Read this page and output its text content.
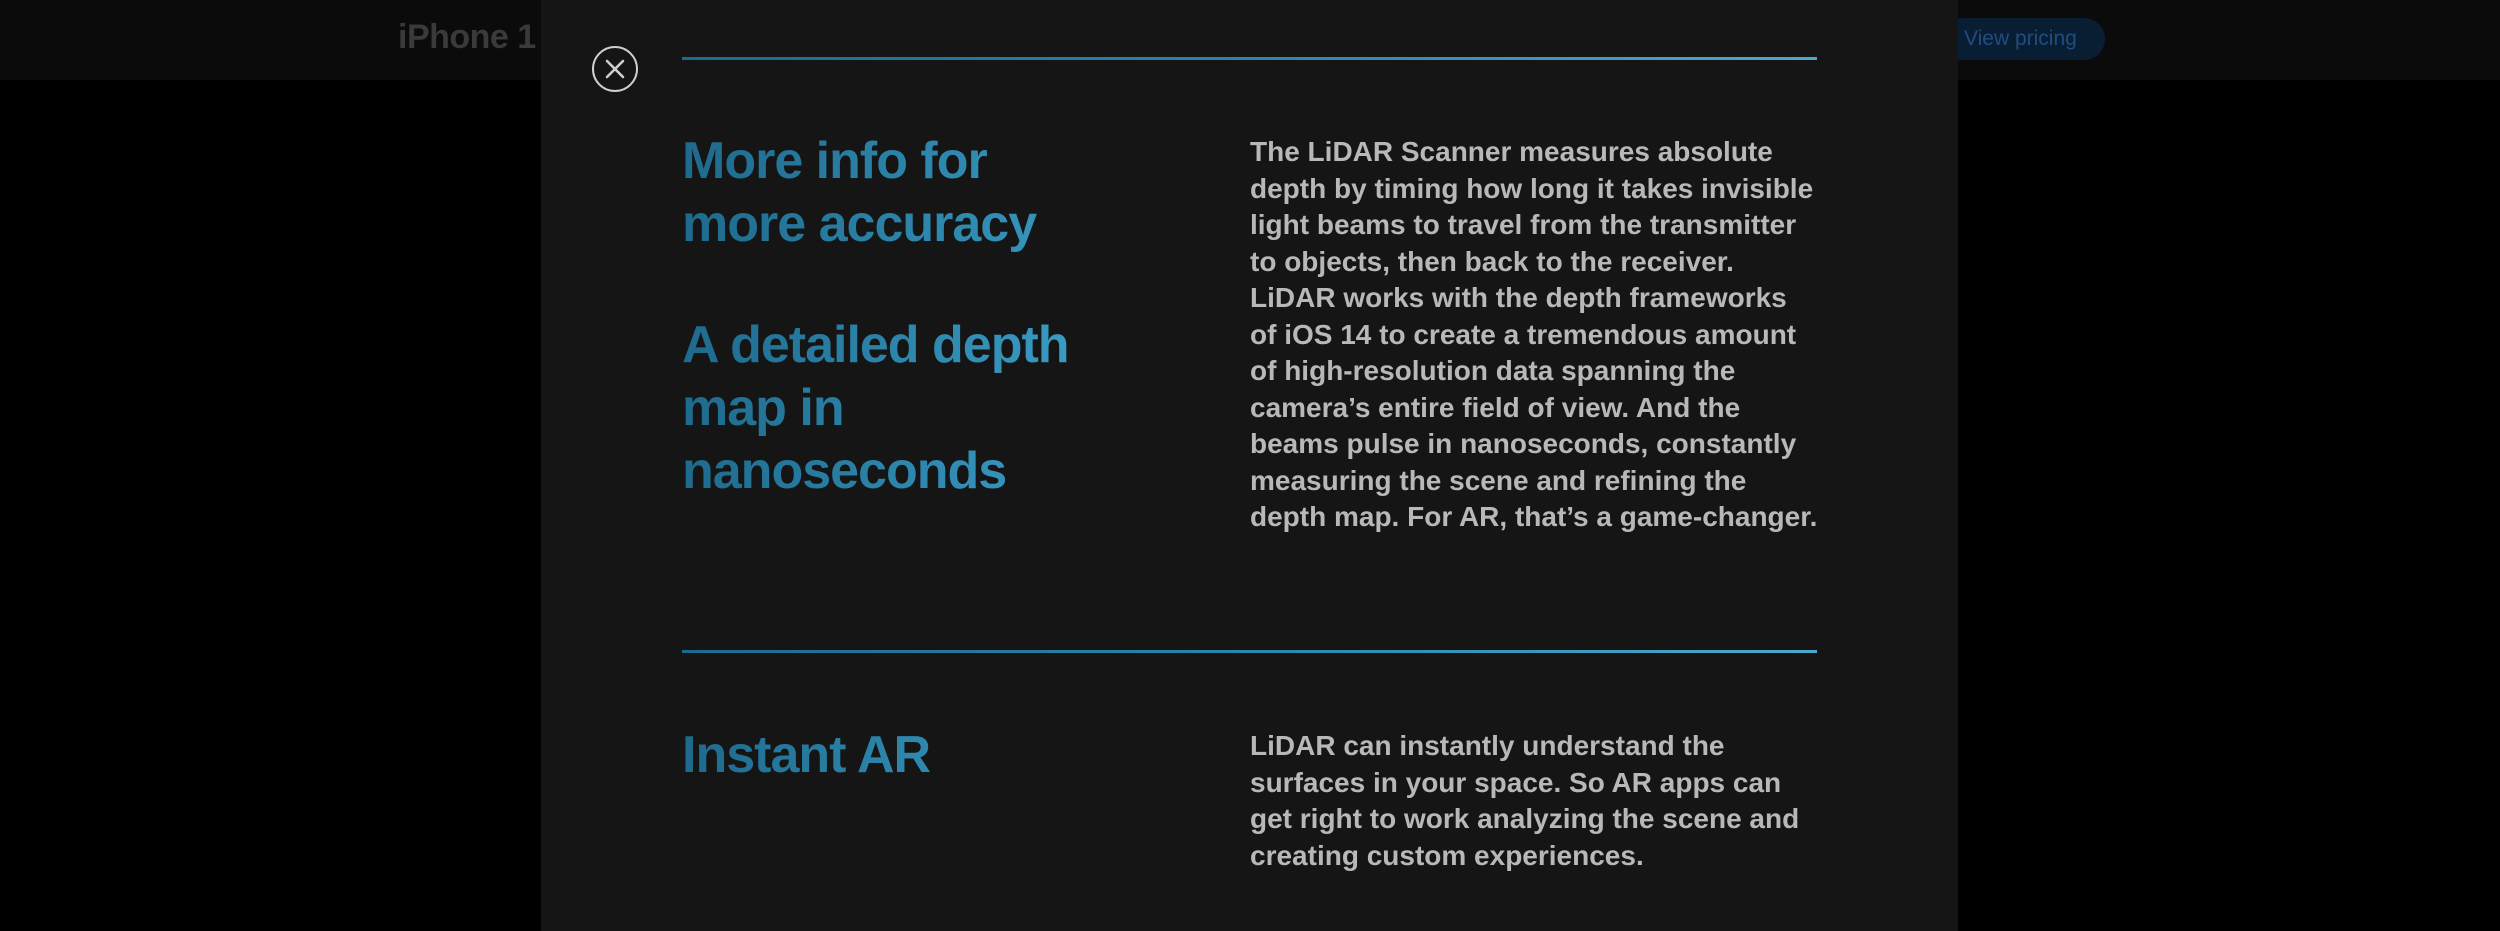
iPhone 1	View pricing
More info for more accuracy
A detailed depth map in nanoseconds

The LiDAR Scanner measures absolute depth by timing how long it takes invisible light beams to travel from the transmitter to objects, then back to the receiver. LiDAR works with the depth frameworks of iOS 14 to create a tremendous amount of high-resolution data spanning the camera’s entire field of view. And the beams pulse in nanoseconds, constantly measuring the scene and refining the depth map. For AR, that’s a game-changer.

Instant AR	LiDAR can instantly understand the surfaces in your space. So AR apps can get right to work analyzing the scene and creating custom experiences.
